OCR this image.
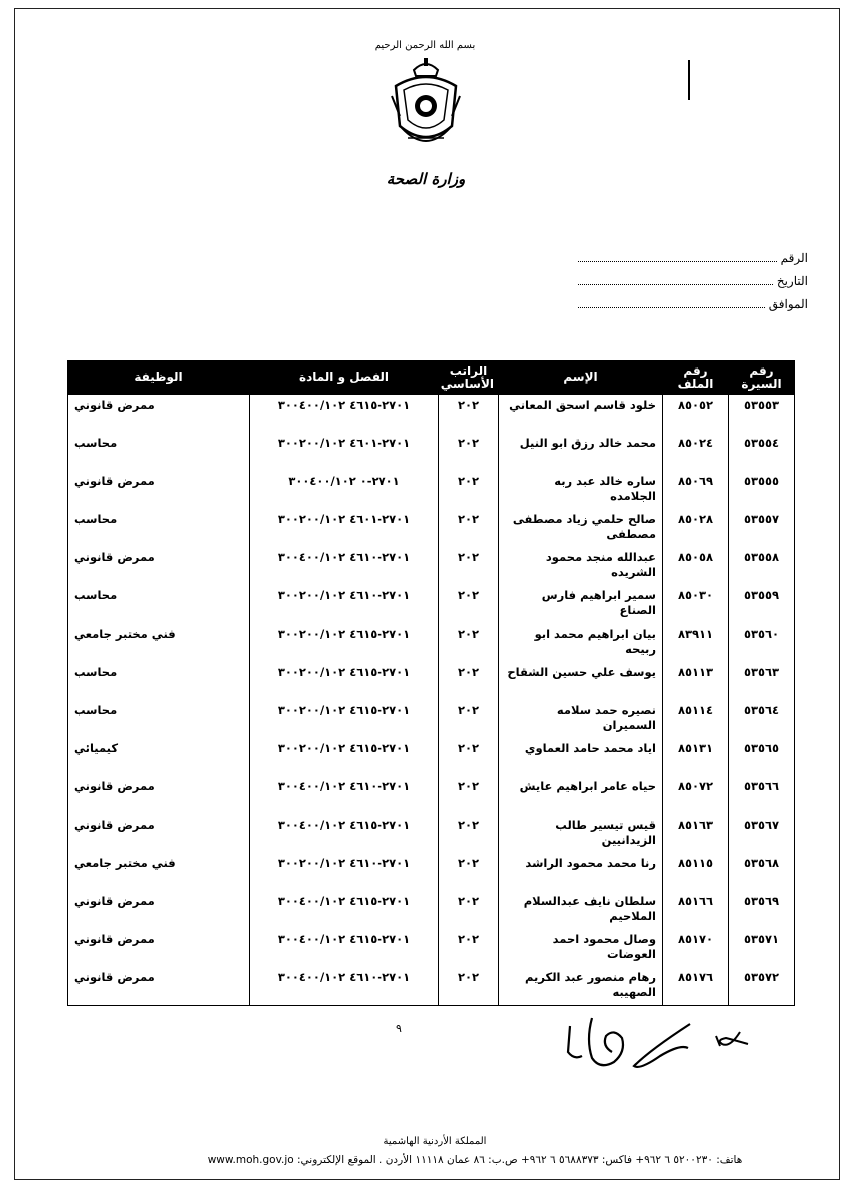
بسم الله الرحمن الرحيم
وزارة الصحة
الرقم
التاريخ
الموافق
رقم السيرة	رقم الملف	الإسم	الراتب الأساسي	الفصل و المادة	الوظيفة
٥٣٥٥٣	٨٥٠٥٢	خلود قاسم اسحق المعاني	٢٠٢	٢٧٠١-٤٦١٥ ٣٠٠٤٠٠/١٠٢	ممرض قانوني
٥٣٥٥٤	٨٥٠٢٤	محمد خالد رزق ابو النيل	٢٠٢	٢٧٠١-٤٦٠١ ٣٠٠٢٠٠/١٠٢	محاسب
٥٣٥٥٥	٨٥٠٦٩	ساره خالد عبد ربه الجلامده	٢٠٢	٢٧٠١-٠ ٣٠٠٤٠٠/١٠٢	ممرض قانوني
٥٣٥٥٧	٨٥٠٢٨	صالح حلمي زياد مصطفى مصطفى	٢٠٢	٢٧٠١-٤٦٠١ ٣٠٠٢٠٠/١٠٢	محاسب
٥٣٥٥٨	٨٥٠٥٨	عبدالله منجد محمود الشريده	٢٠٢	٢٧٠١-٤٦١٠ ٣٠٠٤٠٠/١٠٢	ممرض قانوني
٥٣٥٥٩	٨٥٠٣٠	سمير ابراهيم فارس الصناع	٢٠٢	٢٧٠١-٤٦١٠ ٣٠٠٢٠٠/١٠٢	محاسب
٥٣٥٦٠	٨٣٩١١	بيان ابراهيم محمد ابو ربيحه	٢٠٢	٢٧٠١-٤٦١٥ ٣٠٠٢٠٠/١٠٢	فني مختبر جامعي
٥٣٥٦٣	٨٥١١٣	يوسف علي حسين الشقاح	٢٠٢	٢٧٠١-٤٦١٥ ٣٠٠٢٠٠/١٠٢	محاسب
٥٣٥٦٤	٨٥١١٤	نصيره حمد سلامه السميران	٢٠٢	٢٧٠١-٤٦١٥ ٣٠٠٢٠٠/١٠٢	محاسب
٥٣٥٦٥	٨٥١٣١	اياد محمد حامد العماوي	٢٠٢	٢٧٠١-٤٦١٥ ٣٠٠٢٠٠/١٠٢	كيميائي
٥٣٥٦٦	٨٥٠٧٢	حياه عامر ابراهيم عايش	٢٠٢	٢٧٠١-٤٦١٠ ٣٠٠٤٠٠/١٠٢	ممرض قانوني
٥٣٥٦٧	٨٥١٦٣	قيس تيسير طالب الزيدانيين	٢٠٢	٢٧٠١-٤٦١٥ ٣٠٠٤٠٠/١٠٢	ممرض قانوني
٥٣٥٦٨	٨٥١١٥	رنا محمد محمود الراشد	٢٠٢	٢٧٠١-٤٦١٠ ٣٠٠٢٠٠/١٠٢	فني مختبر جامعي
٥٣٥٦٩	٨٥١٦٦	سلطان نايف عبدالسلام الملاحيم	٢٠٢	٢٧٠١-٤٦١٥ ٣٠٠٤٠٠/١٠٢	ممرض قانوني
٥٣٥٧١	٨٥١٧٠	وصال محمود احمد العوضات	٢٠٢	٢٧٠١-٤٦١٥ ٣٠٠٤٠٠/١٠٢	ممرض قانوني
٥٣٥٧٢	٨٥١٧٦	رهام منصور عبد الكريم الصهيبه	٢٠٢	٢٧٠١-٤٦١٠ ٣٠٠٤٠٠/١٠٢	ممرض قانوني
٩
المملكة الأردنية الهاشمية
هاتف: ٥٢٠٠٢٣٠ ٦ ٩٦٢+ فاكس: ٥٦٨٨٣٧٣ ٦ ٩٦٢+ ص.ب: ٨٦ عمان ١١١١٨ الأردن . الموقع الإلكتروني: www.moh.gov.jo
